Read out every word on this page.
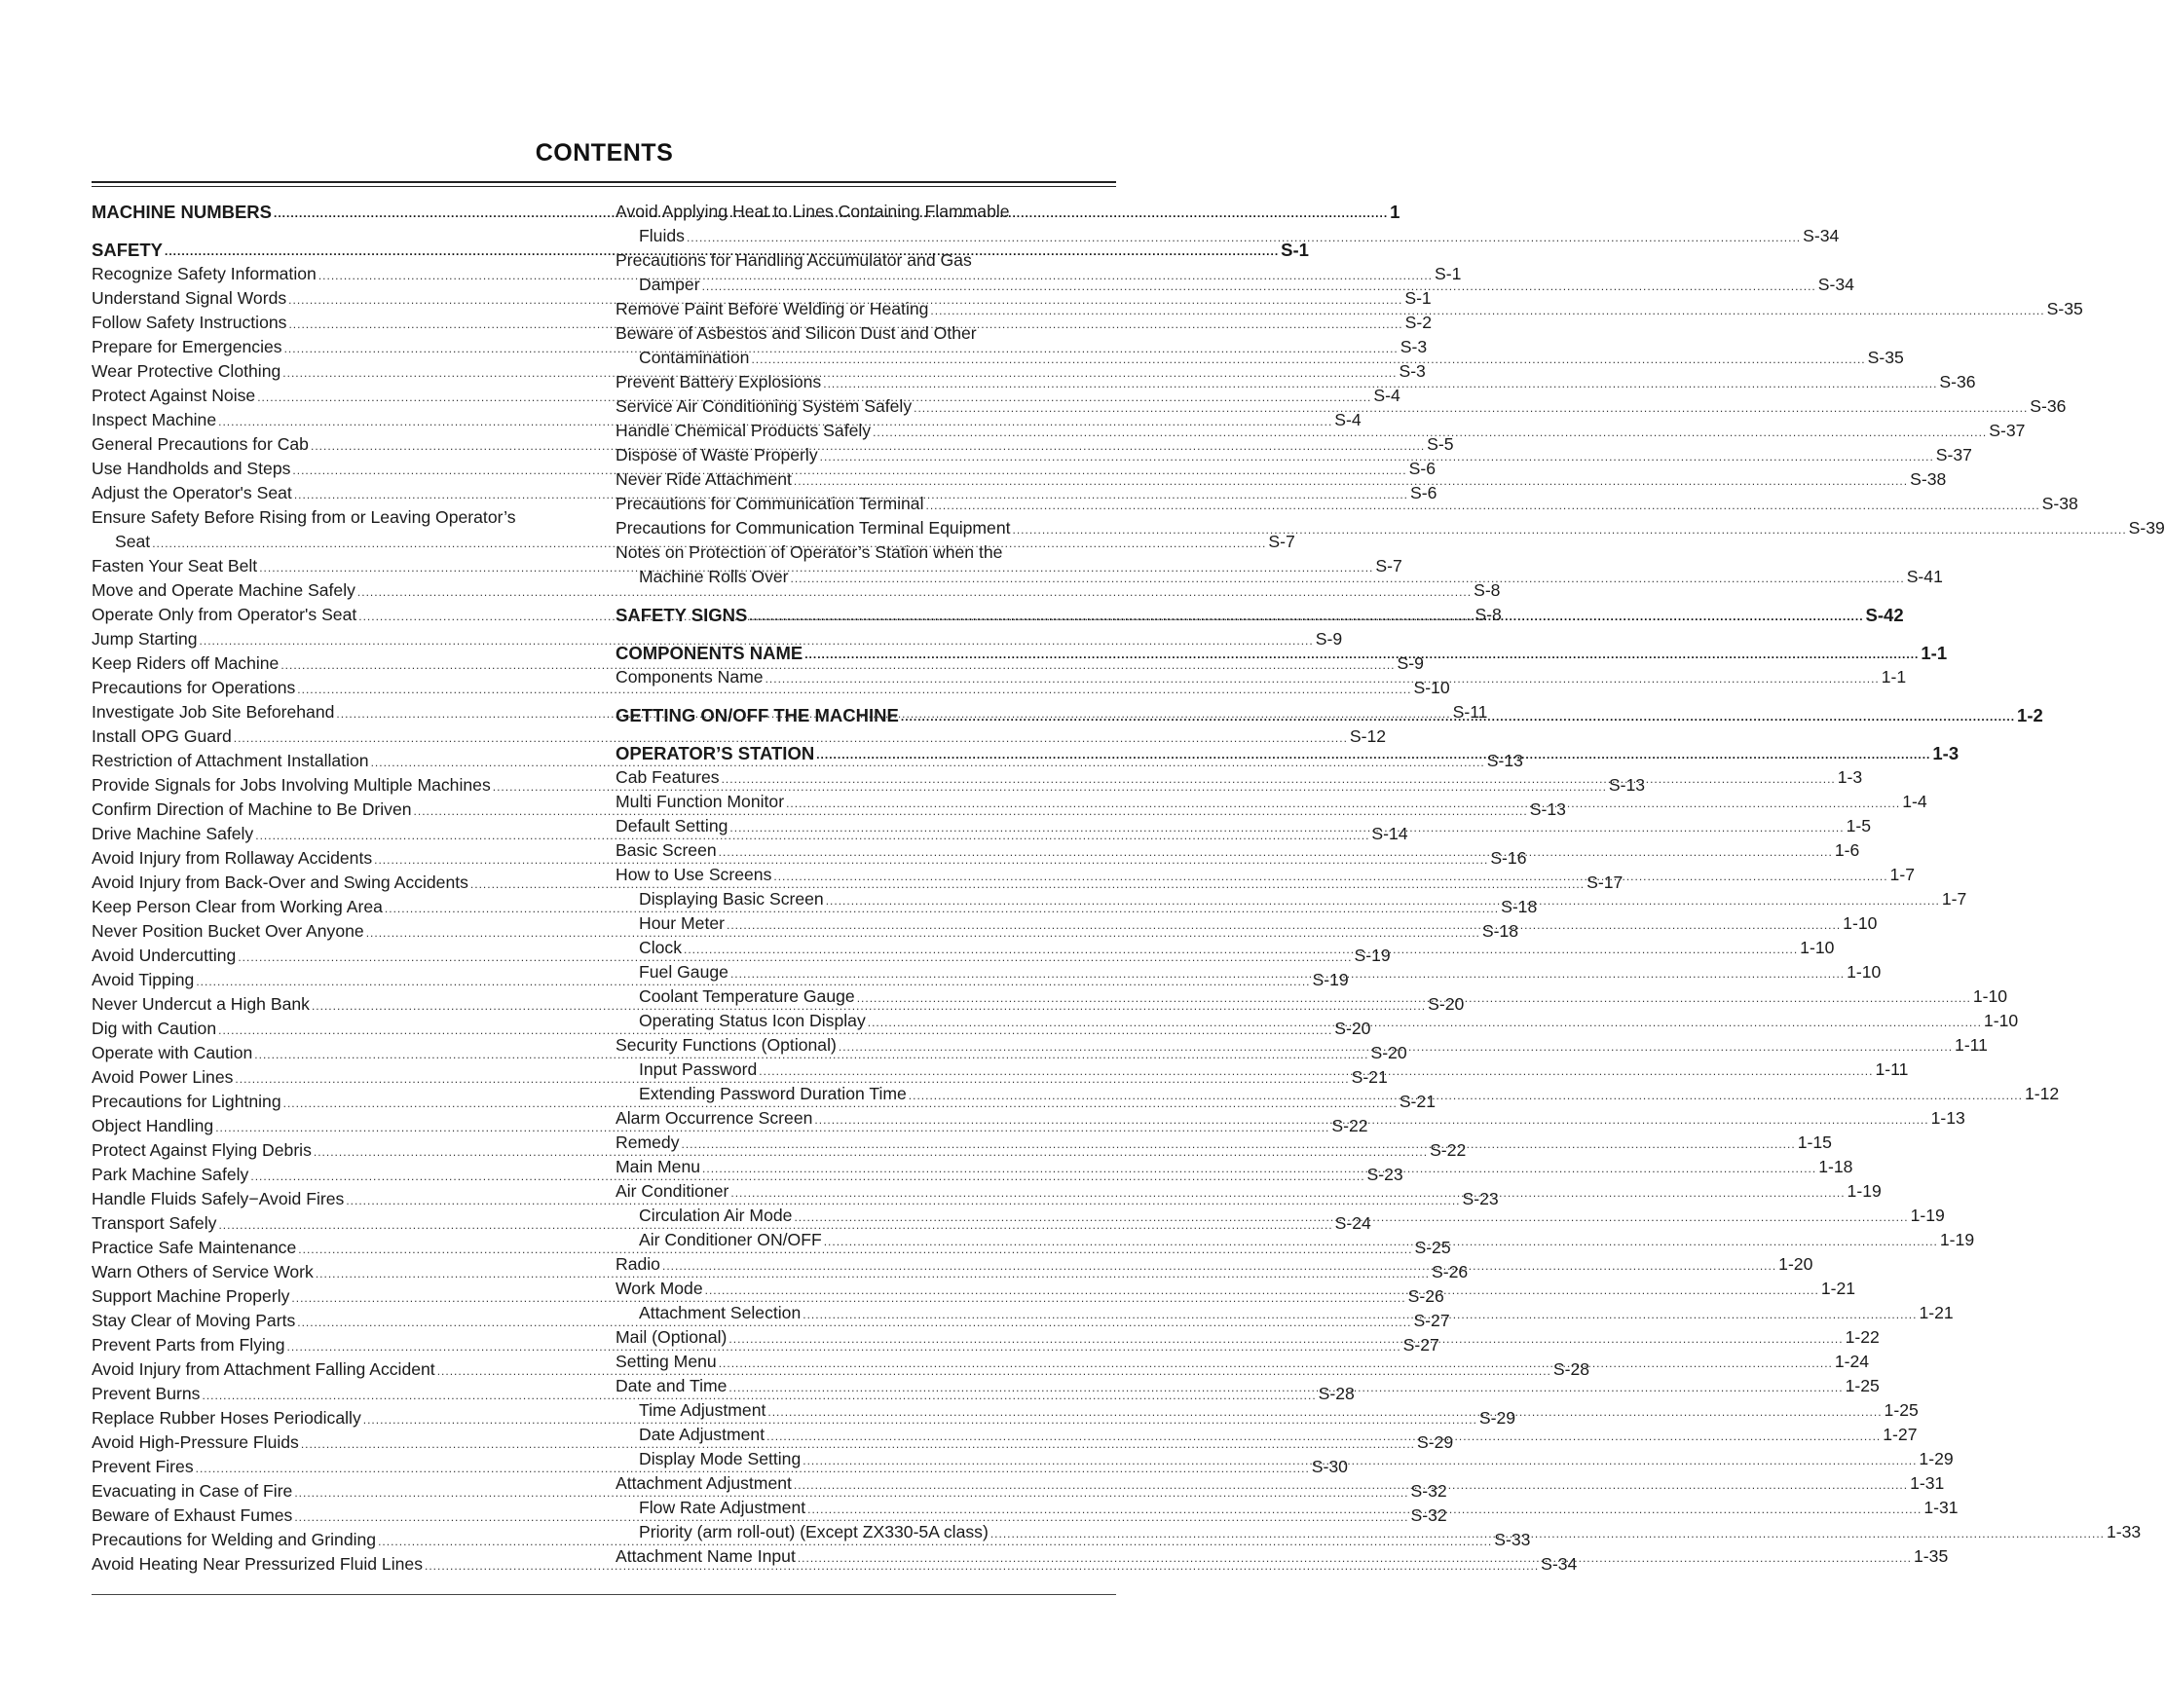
CONTENTS
MACHINE NUMBERS .....	1
SAFETY .....	S-1
Recognize Safety Information .....	S-1
Understand Signal Words .....	S-1
Follow Safety Instructions .....	S-2
Prepare for Emergencies .....	S-3
Wear Protective Clothing .....	S-3
Protect Against Noise .....	S-4
Inspect Machine .....	S-4
General Precautions for Cab .....	S-5
Use Handholds and Steps .....	S-6
Adjust the Operator's Seat .....	S-6
Ensure Safety Before Rising from or Leaving Operator’s
Seat .....	S-7
Fasten Your Seat Belt .....	S-7
Move and Operate Machine Safely .....	S-8
Operate Only from Operator's Seat .....	S-8
Jump Starting .....	S-9
Keep Riders off Machine .....	S-9
Precautions for Operations .....	S-10
Investigate Job Site Beforehand .....	S-11
Install OPG Guard .....	S-12
Restriction of Attachment Installation .....	S-13
Provide Signals for Jobs Involving Multiple Machines .....	S-13
Confirm Direction of Machine to Be Driven .....	S-13
Drive Machine Safely .....	S-14
Avoid Injury from Rollaway Accidents .....	S-16
Avoid Injury from Back-Over and Swing Accidents .....	S-17
Keep Person Clear from Working Area .....	S-18
Never Position Bucket Over Anyone .....	S-18
Avoid Undercutting .....	S-19
Avoid Tipping .....	S-19
Never Undercut a High Bank .....	S-20
Dig with Caution .....	S-20
Operate with Caution .....	S-20
Avoid Power Lines .....	S-21
Precautions for Lightning .....	S-21
Object Handling .....	S-22
Protect Against Flying Debris .....	S-22
Park Machine Safely .....	S-23
Handle Fluids Safely−Avoid Fires .....	S-23
Transport Safely .....	S-24
Practice Safe Maintenance .....	S-25
Warn Others of Service Work .....	S-26
Support Machine Properly .....	S-26
Stay Clear of Moving Parts .....	S-27
Prevent Parts from Flying .....	S-27
Avoid Injury from Attachment Falling Accident .....	S-28
Prevent Burns .....	S-28
Replace Rubber Hoses Periodically .....	S-29
Avoid High-Pressure Fluids .....	S-29
Prevent Fires .....	S-30
Evacuating in Case of Fire .....	S-32
Beware of Exhaust Fumes .....	S-32
Precautions for Welding and Grinding .....	S-33
Avoid Heating Near Pressurized Fluid Lines .....	S-34
Avoid Applying Heat to Lines Containing Flammable
Fluids .....	S-34
Precautions for Handling Accumulator and Gas
Damper .....	S-34
Remove Paint Before Welding or Heating .....	S-35
Beware of Asbestos and Silicon Dust and Other
Contamination .....	S-35
Prevent Battery Explosions .....	S-36
Service Air Conditioning System Safely .....	S-36
Handle Chemical Products Safely .....	S-37
Dispose of Waste Properly .....	S-37
Never Ride Attachment .....	S-38
Precautions for Communication Terminal .....	S-38
Precautions for Communication Terminal Equipment .....	S-39
Notes on Protection of Operator’s Station when the
Machine Rolls Over .....	S-41
SAFETY SIGNS .....	S-42
COMPONENTS NAME .....	1-1
Components Name .....	1-1
GETTING ON/OFF THE MACHINE .....	1-2
OPERATOR’S STATION .....	1-3
Cab Features .....	1-3
Multi Function Monitor .....	1-4
Default Setting .....	1-5
Basic Screen .....	1-6
How to Use Screens .....	1-7
Displaying Basic Screen .....	1-7
Hour Meter .....	1-10
Clock .....	1-10
Fuel Gauge .....	1-10
Coolant Temperature Gauge .....	1-10
Operating Status Icon Display .....	1-10
Security Functions (Optional) .....	1-11
Input Password .....	1-11
Extending Password Duration Time .....	1-12
Alarm Occurrence Screen .....	1-13
Remedy .....	1-15
Main Menu .....	1-18
Air Conditioner .....	1-19
Circulation Air Mode .....	1-19
Air Conditioner ON/OFF .....	1-19
Radio .....	1-20
Work Mode .....	1-21
Attachment Selection .....	1-21
Mail (Optional) .....	1-22
Setting Menu .....	1-24
Date and Time .....	1-25
Time Adjustment .....	1-25
Date Adjustment .....	1-27
Display Mode Setting .....	1-29
Attachment Adjustment .....	1-31
Flow Rate Adjustment .....	1-31
Priority (arm roll-out) (Except ZX330-5A class) .....	1-33
Attachment Name Input .....	1-35
